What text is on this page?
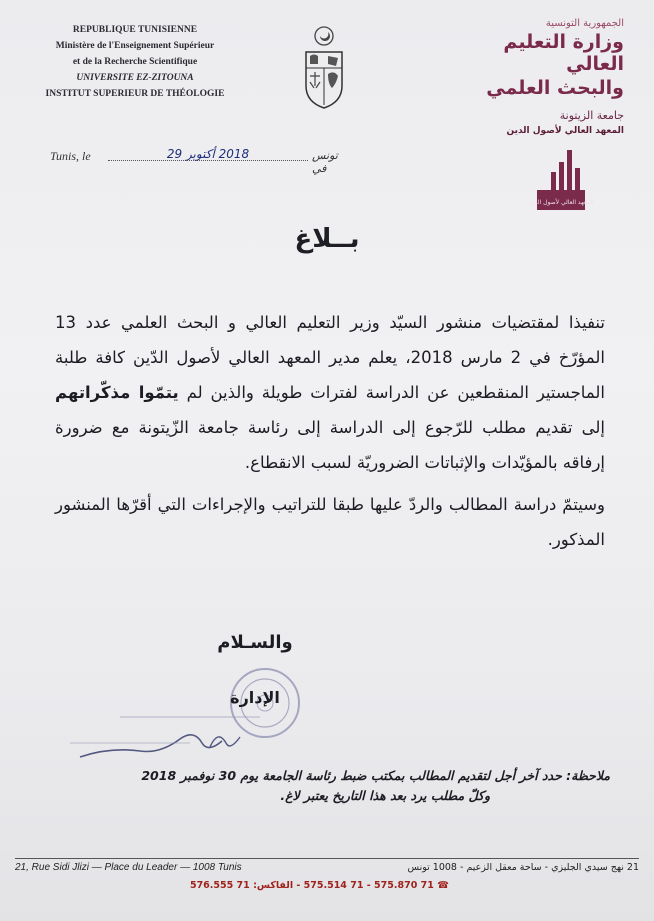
REPUBLIQUE TUNISIENNE
Ministère de l'Enseignement Supérieur
et de la Recherche Scientifique
UNIVERSITE EZ-ZITOUNA
INSTITUT SUPERIEUR DE THÉOLOGIE
الجمهورية التونسية
وزارة التعليم العالي
والبحث العلمي
جامعة الزيتونة
المعهد العالي لأصول الدين
المعهد العالي لأصول الدين
Tunis, le	2018 أكتوبر 29	تونس في
بــلاغ

تنفيذا لمقتضيات منشور السيّد وزير التعليم العالي و البحث العلمي عدد 13 المؤرّخ في 2 مارس 2018، يعلم مدير المعهد العالي لأصول الدّين كافة طلبة الماجستير المنقطعين عن الدراسة لفترات طويلة والذين لم يتمّوا مذكّراتهم إلى تقديم مطلب للرّجوع إلى الدراسة إلى رئاسة جامعة الزّيتونة مع ضرورة إرفاقه بالمؤيّدات والإثباتات الضروريّة لسبب الانقطاع.

وسيتمّ دراسة المطالب والردّ عليها طبقا للتراتيب والإجراءات التي أقرّها المنشور المذكور.

والسـلام
الإدارة
ملاحظة: حدد آخر أجل لتقديم المطالب بمكتب ضبط رئاسة الجامعة يوم 30 نوفمبر 2018
وكلّ مطلب يرد بعد هذا التاريخ يعتبر لاغ.
21, Rue Sidi Jlizi — Place du Leader — 1008 Tunis	21 نهج سيدي الجليزي - ساحة معقل الزعيم - 1008 تونس
☎ 71 575.870 - 71 575.514 - الفاكس: 71 576.555
